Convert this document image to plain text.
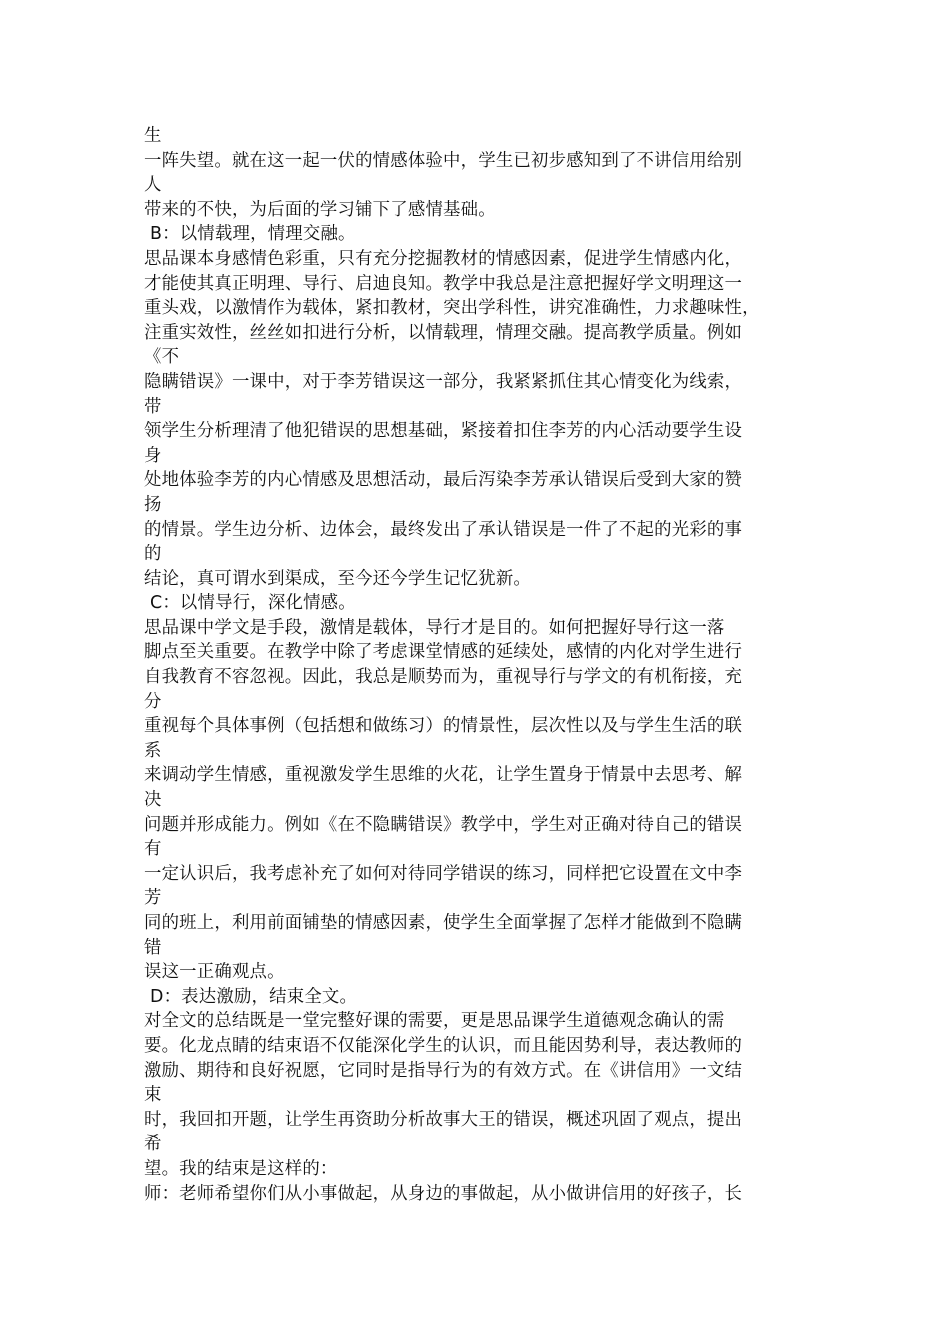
生
一阵失望。就在这一起一伏的情感体验中，学生已初步感知到了不讲信用给别
人
带来的不快，为后面的学习铺下了感情基础。
B：以情载理，情理交融。
思品课本身感情色彩重，只有充分挖掘教材的情感因素，促进学生情感内化，
才能使其真正明理、导行、启迪良知。教学中我总是注意把握好学文明理这一
重头戏，以激情作为载体，紧扣教材，突出学科性，讲究准确性，力求趣味性，
注重实效性，丝丝如扣进行分析，以情载理，情理交融。提高教学质量。例如
《不
隐瞒错误》一课中，对于李芳错误这一部分，我紧紧抓住其心情变化为线索，
带
领学生分析理清了他犯错误的思想基础，紧接着扣住李芳的内心活动要学生设
身
处地体验李芳的内心情感及思想活动，最后泻染李芳承认错误后受到大家的赞
扬
的情景。学生边分析、边体会，最终发出了承认错误是一件了不起的光彩的事
的
结论，真可谓水到渠成，至今还今学生记忆犹新。
C：以情导行，深化情感。
思品课中学文是手段，激情是载体，导行才是目的。如何把握好导行这一落
脚点至关重要。在教学中除了考虑课堂情感的延续处，感情的内化对学生进行
自我教育不容忽视。因此，我总是顺势而为，重视导行与学文的有机衔接，充
分
重视每个具体事例（包括想和做练习）的情景性，层次性以及与学生生活的联
系
来调动学生情感，重视激发学生思维的火花，让学生置身于情景中去思考、解
决
问题并形成能力。例如《在不隐瞒错误》教学中，学生对正确对待自己的错误
有
一定认识后，我考虑补充了如何对待同学错误的练习，同样把它设置在文中李
芳
同的班上，利用前面铺垫的情感因素，使学生全面掌握了怎样才能做到不隐瞒
错
误这一正确观点。
D：表达激励，结束全文。
对全文的总结既是一堂完整好课的需要，更是思品课学生道德观念确认的需
要。化龙点睛的结束语不仅能深化学生的认识，而且能因势利导，表达教师的
激励、期待和良好祝愿，它同时是指导行为的有效方式。在《讲信用》一文结
束
时，我回扣开题，让学生再资助分析故事大王的错误，概述巩固了观点，提出
希
望。我的结束是这样的：
师：老师希望你们从小事做起，从身边的事做起，从小做讲信用的好孩子，长
